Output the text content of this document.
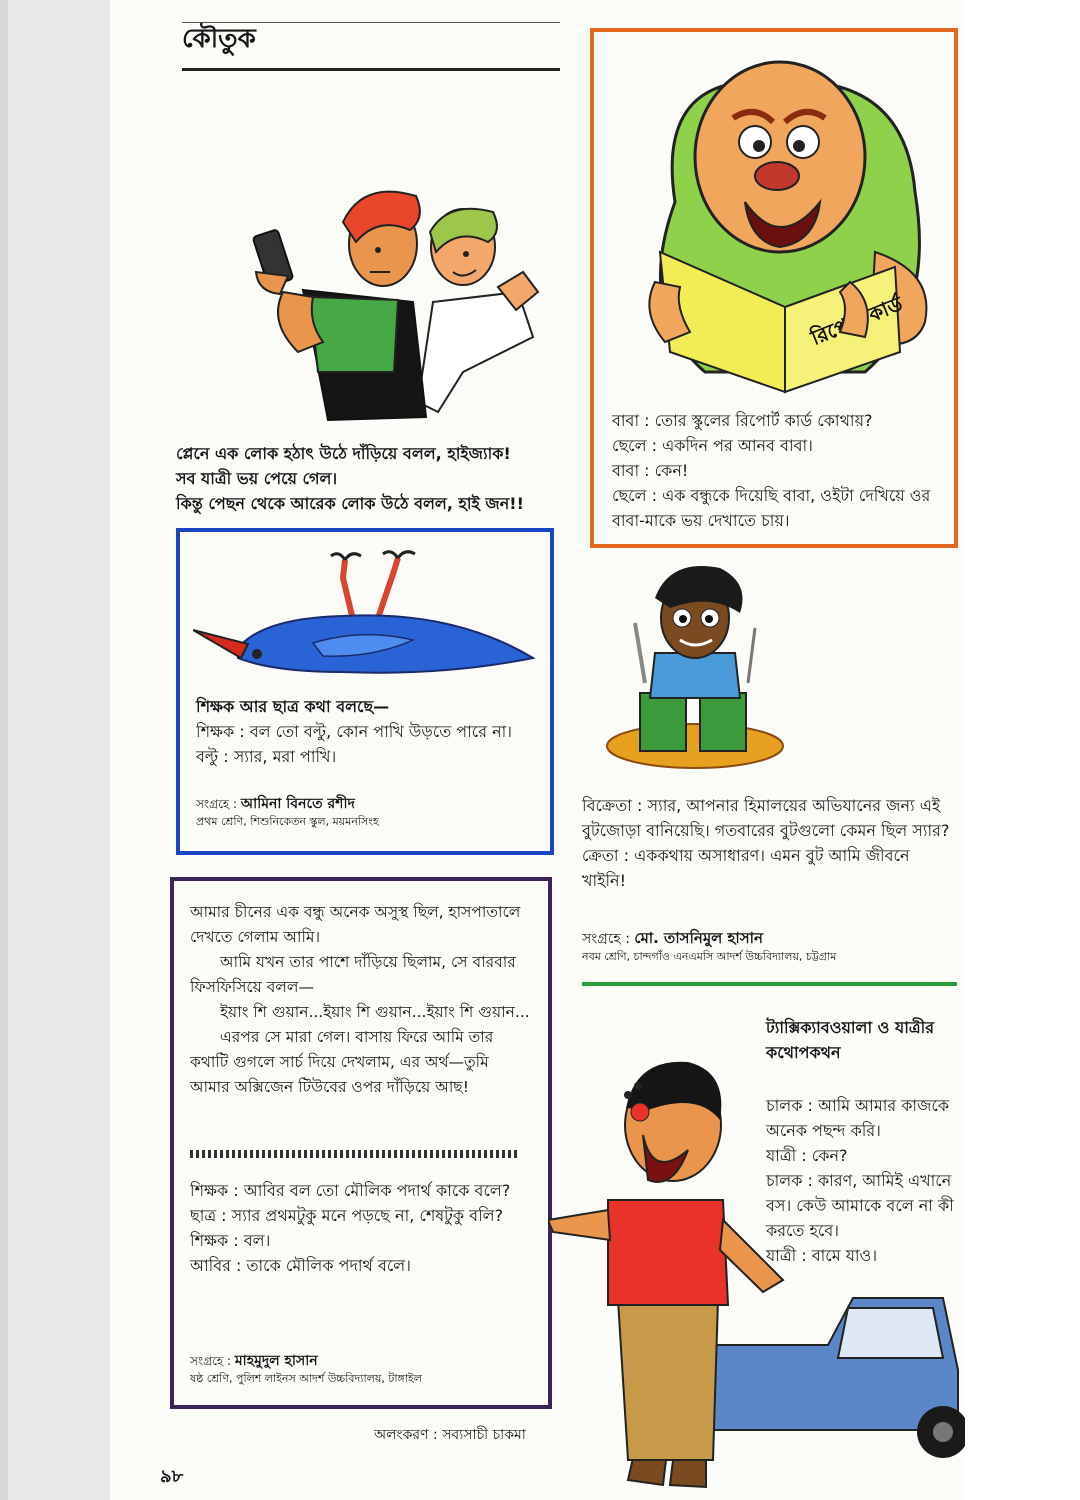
কৌতুক

প্লেনে এক লোক হঠাৎ উঠে দাঁড়িয়ে বলল, হাইজ্যাক!

সব যাত্রী ভয় পেয়ে গেল।

কিন্তু পেছন থেকে আরেক লোক উঠে বলল, হাই জন!!

রিপোর্ট কার্ড

বাবা : তোর স্কুলের রিপোর্ট কার্ড কোথায়?

ছেলে : একদিন পর আনব বাবা।

বাবা : কেন!

ছেলে : এক বন্ধুকে দিয়েছি বাবা, ওইটা দেখিয়ে ওর বাবা-মাকে ভয় দেখাতে চায়।

শিক্ষক আর ছাত্র কথা বলছে—

শিক্ষক : বল তো বল্টু, কোন পাখি উড়তে পারে না।

বল্টু : স্যার, মরা পাখি।

সংগ্রহে : আমিনা বিনতে রশীদ
প্রথম শ্রেণি, শিশুনিকেতন স্কুল, ময়মনসিংহ

বিক্রেতা : স্যার, আপনার হিমালয়ের অভিযানের জন্য এই বুটজোড়া বানিয়েছি। গতবারের বুটগুলো কেমন ছিল স্যার?

ক্রেতা : এককথায় অসাধারণ। এমন বুট আমি জীবনে খাইনি!

সংগ্রহে : মো. তাসনিমুল হাসান
নবম শ্রেণি, চান্দগাঁও এনএমসি আদর্শ উচ্চবিদ্যালয়, চট্টগ্রাম

আমার চীনের এক বন্ধু অনেক অসুস্থ ছিল, হাসপাতালে দেখতে গেলাম আমি।

আমি যখন তার পাশে দাঁড়িয়ে ছিলাম, সে বারবার ফিসফিসিয়ে বলল—

ইয়াং শি গুয়ান...ইয়াং শি গুয়ান...ইয়াং শি গুয়ান...

এরপর সে মারা গেল। বাসায় ফিরে আমি তার কথাটি গুগলে সার্চ দিয়ে দেখলাম, এর অর্থ—তুমি আমার অক্সিজেন টিউবের ওপর দাঁড়িয়ে আছ!

শিক্ষক : আবির বল তো মৌলিক পদার্থ কাকে বলে?

ছাত্র : স্যার প্রথমটুকু মনে পড়ছে না, শেষটুকু বলি?

শিক্ষক : বল।

আবির : তাকে মৌলিক পদার্থ বলে।

সংগ্রহে : মাহমুদুল হাসান
ষষ্ঠ শ্রেণি, পুলিশ লাইনস আদর্শ উচ্চবিদ্যালয়, টাঙ্গাইল

ট্যাক্সিক্যাবওয়ালা ও যাত্রীর কথোপকথন

চালক : আমি আমার কাজকে অনেক পছন্দ করি।

যাত্রী : কেন?

চালক : কারণ, আমিই এখানে বস। কেউ আমাকে বলে না কী করতে হবে।

যাত্রী : বামে যাও।

অলংকরণ : সব্যসাচী চাকমা
৯৮
